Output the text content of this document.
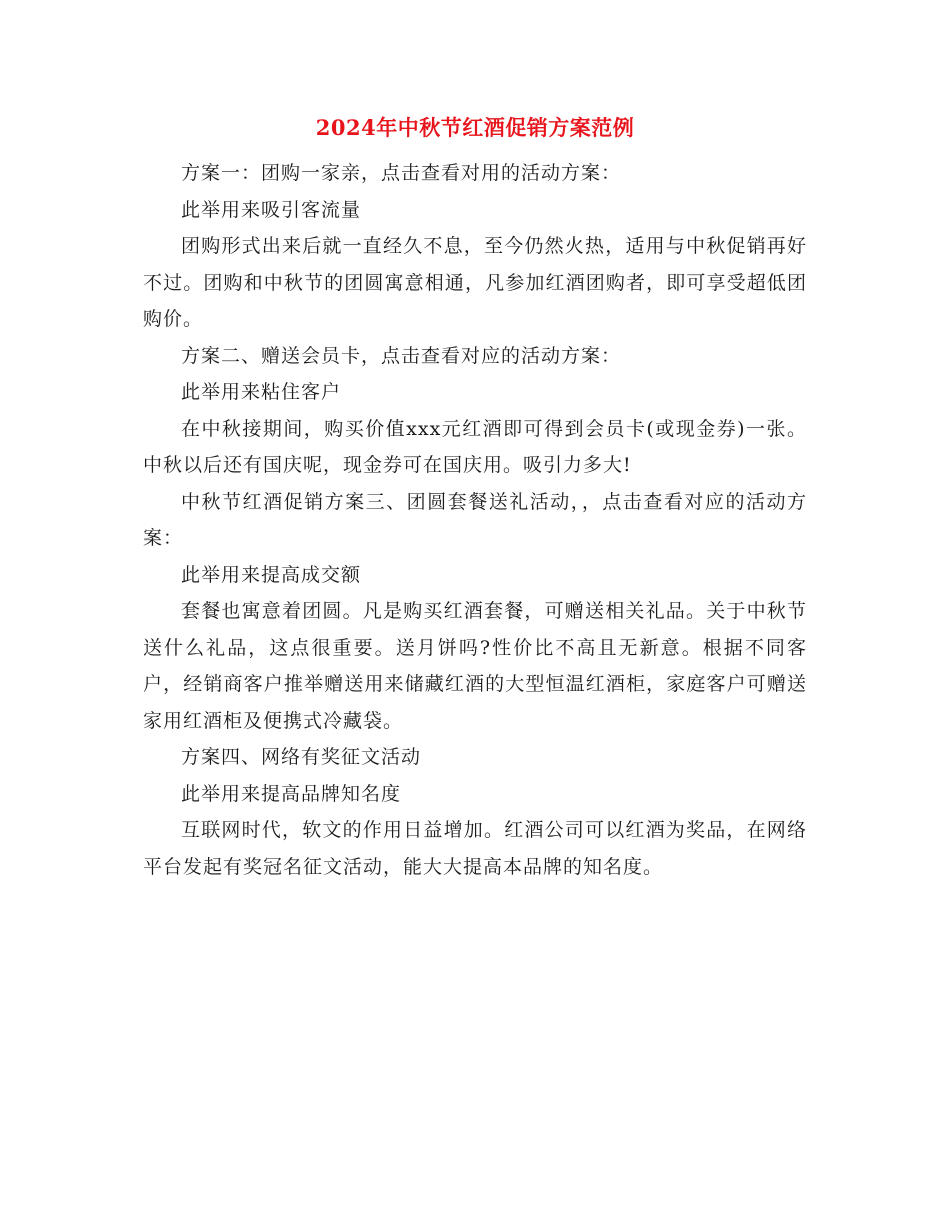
2024年中秋节红酒促销方案范例

方案一：团购一家亲，点击查看对用的活动方案：

此举用来吸引客流量

团购形式出来后就一直经久不息，至今仍然火热，适用与中秋促销再好不过。团购和中秋节的团圆寓意相通，凡参加红酒团购者，即可享受超低团购价。

方案二、赠送会员卡，点击查看对应的活动方案：

此举用来粘住客户

在中秋接期间，购买价值xxx元红酒即可得到会员卡(或现金券)一张。中秋以后还有国庆呢，现金券可在国庆用。吸引力多大!

中秋节红酒促销方案三、团圆套餐送礼活动，，点击查看对应的活动方案：

此举用来提高成交额

套餐也寓意着团圆。凡是购买红酒套餐，可赠送相关礼品。关于中秋节送什么礼品，这点很重要。送月饼吗?性价比不高且无新意。根据不同客户，经销商客户推举赠送用来储藏红酒的大型恒温红酒柜，家庭客户可赠送家用红酒柜及便携式冷藏袋。

方案四、网络有奖征文活动

此举用来提高品牌知名度

互联网时代，软文的作用日益增加。红酒公司可以红酒为奖品，在网络平台发起有奖冠名征文活动，能大大提高本品牌的知名度。
